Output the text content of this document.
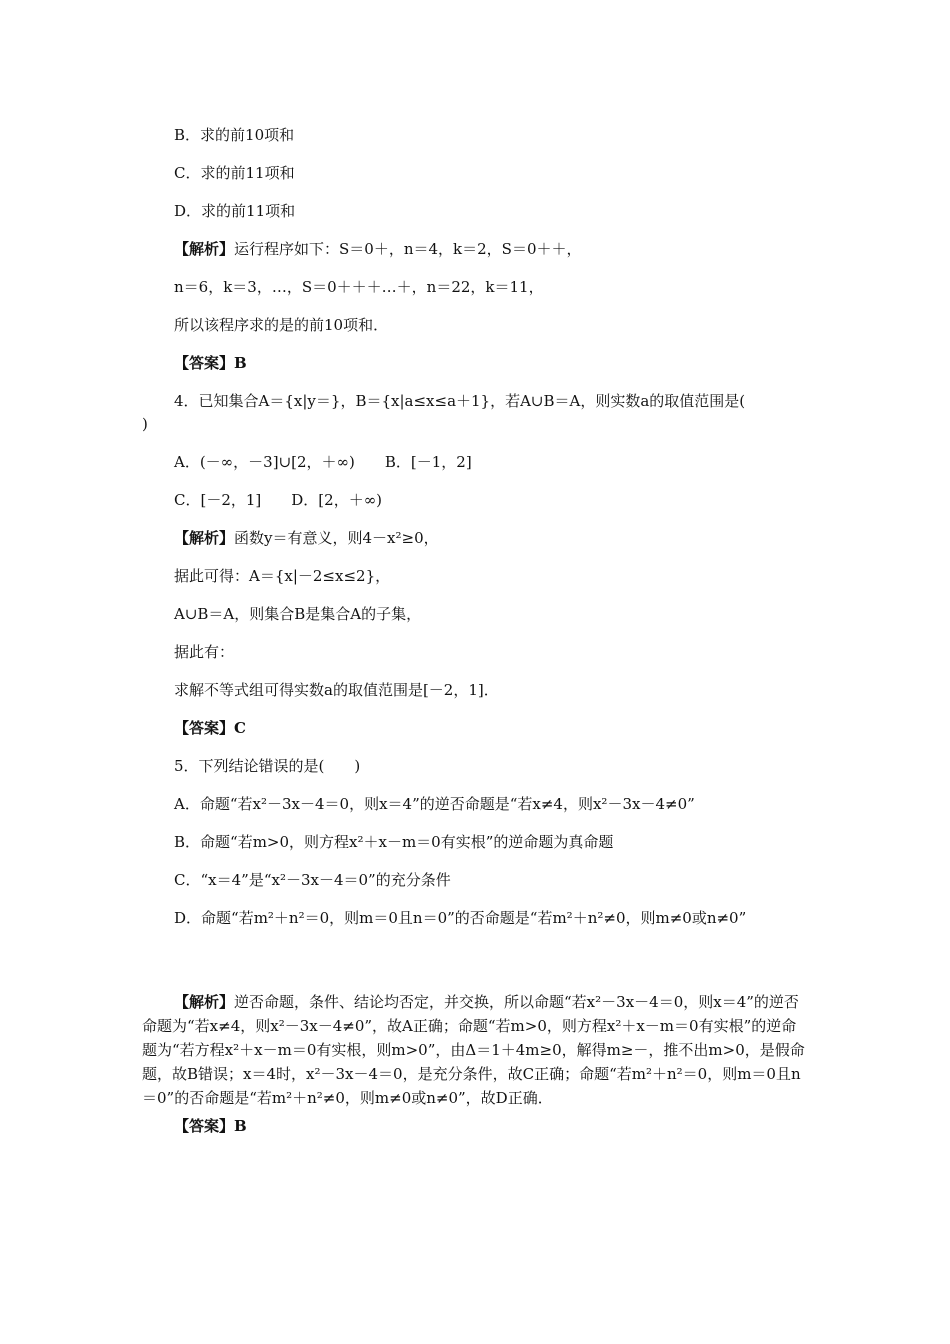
B．求的前10项和
C．求的前11项和
D．求的前11项和
【解析】运行程序如下：S＝0＋，n＝4，k＝2，S＝0＋＋，
n＝6，k＝3，…，S＝0＋＋＋…＋，n＝22，k＝11，
所以该程序求的是的前10项和．
【答案】B
4．已知集合A＝{x|y＝}，B＝{x|a≤x≤a＋1}，若A∪B＝A，则实数a的取值范围是(
)
A．(－∞，－3]∪[2，＋∞)　　B．[－1，2]
C．[－2，1]　　D．[2，＋∞)
【解析】函数y＝有意义，则4－x²≥0，
据此可得：A＝{x|－2≤x≤2}，
A∪B＝A，则集合B是集合A的子集，
据此有：
求解不等式组可得实数a的取值范围是[－2，1]．
【答案】C
5．下列结论错误的是(　　)
A．命题“若x²－3x－4＝0，则x＝4”的逆否命题是“若x≠4，则x²－3x－4≠0”
B．命题“若m>0，则方程x²＋x－m＝0有实根”的逆命题为真命题
C．“x＝4”是“x²－3x－4＝0”的充分条件
D．命题“若m²＋n²＝0，则m＝0且n＝0”的否命题是“若m²＋n²≠0，则m≠0或n≠0”
【解析】逆否命题，条件、结论均否定，并交换，所以命题“若x²－3x－4＝0，则x＝4”的逆否命题为“若x≠4，则x²－3x－4≠0”，故A正确；命题“若m>0，则方程x²＋x－m＝0有实根”的逆命题为“若方程x²＋x－m＝0有实根，则m>0”，由Δ＝1＋4m≥0，解得m≥－，推不出m>0，是假命题，故B错误；x＝4时，x²－3x－4＝0，是充分条件，故C正确；命题“若m²＋n²＝0，则m＝0且n＝0”的否命题是“若m²＋n²≠0，则m≠0或n≠0”，故D正确．
【答案】B
